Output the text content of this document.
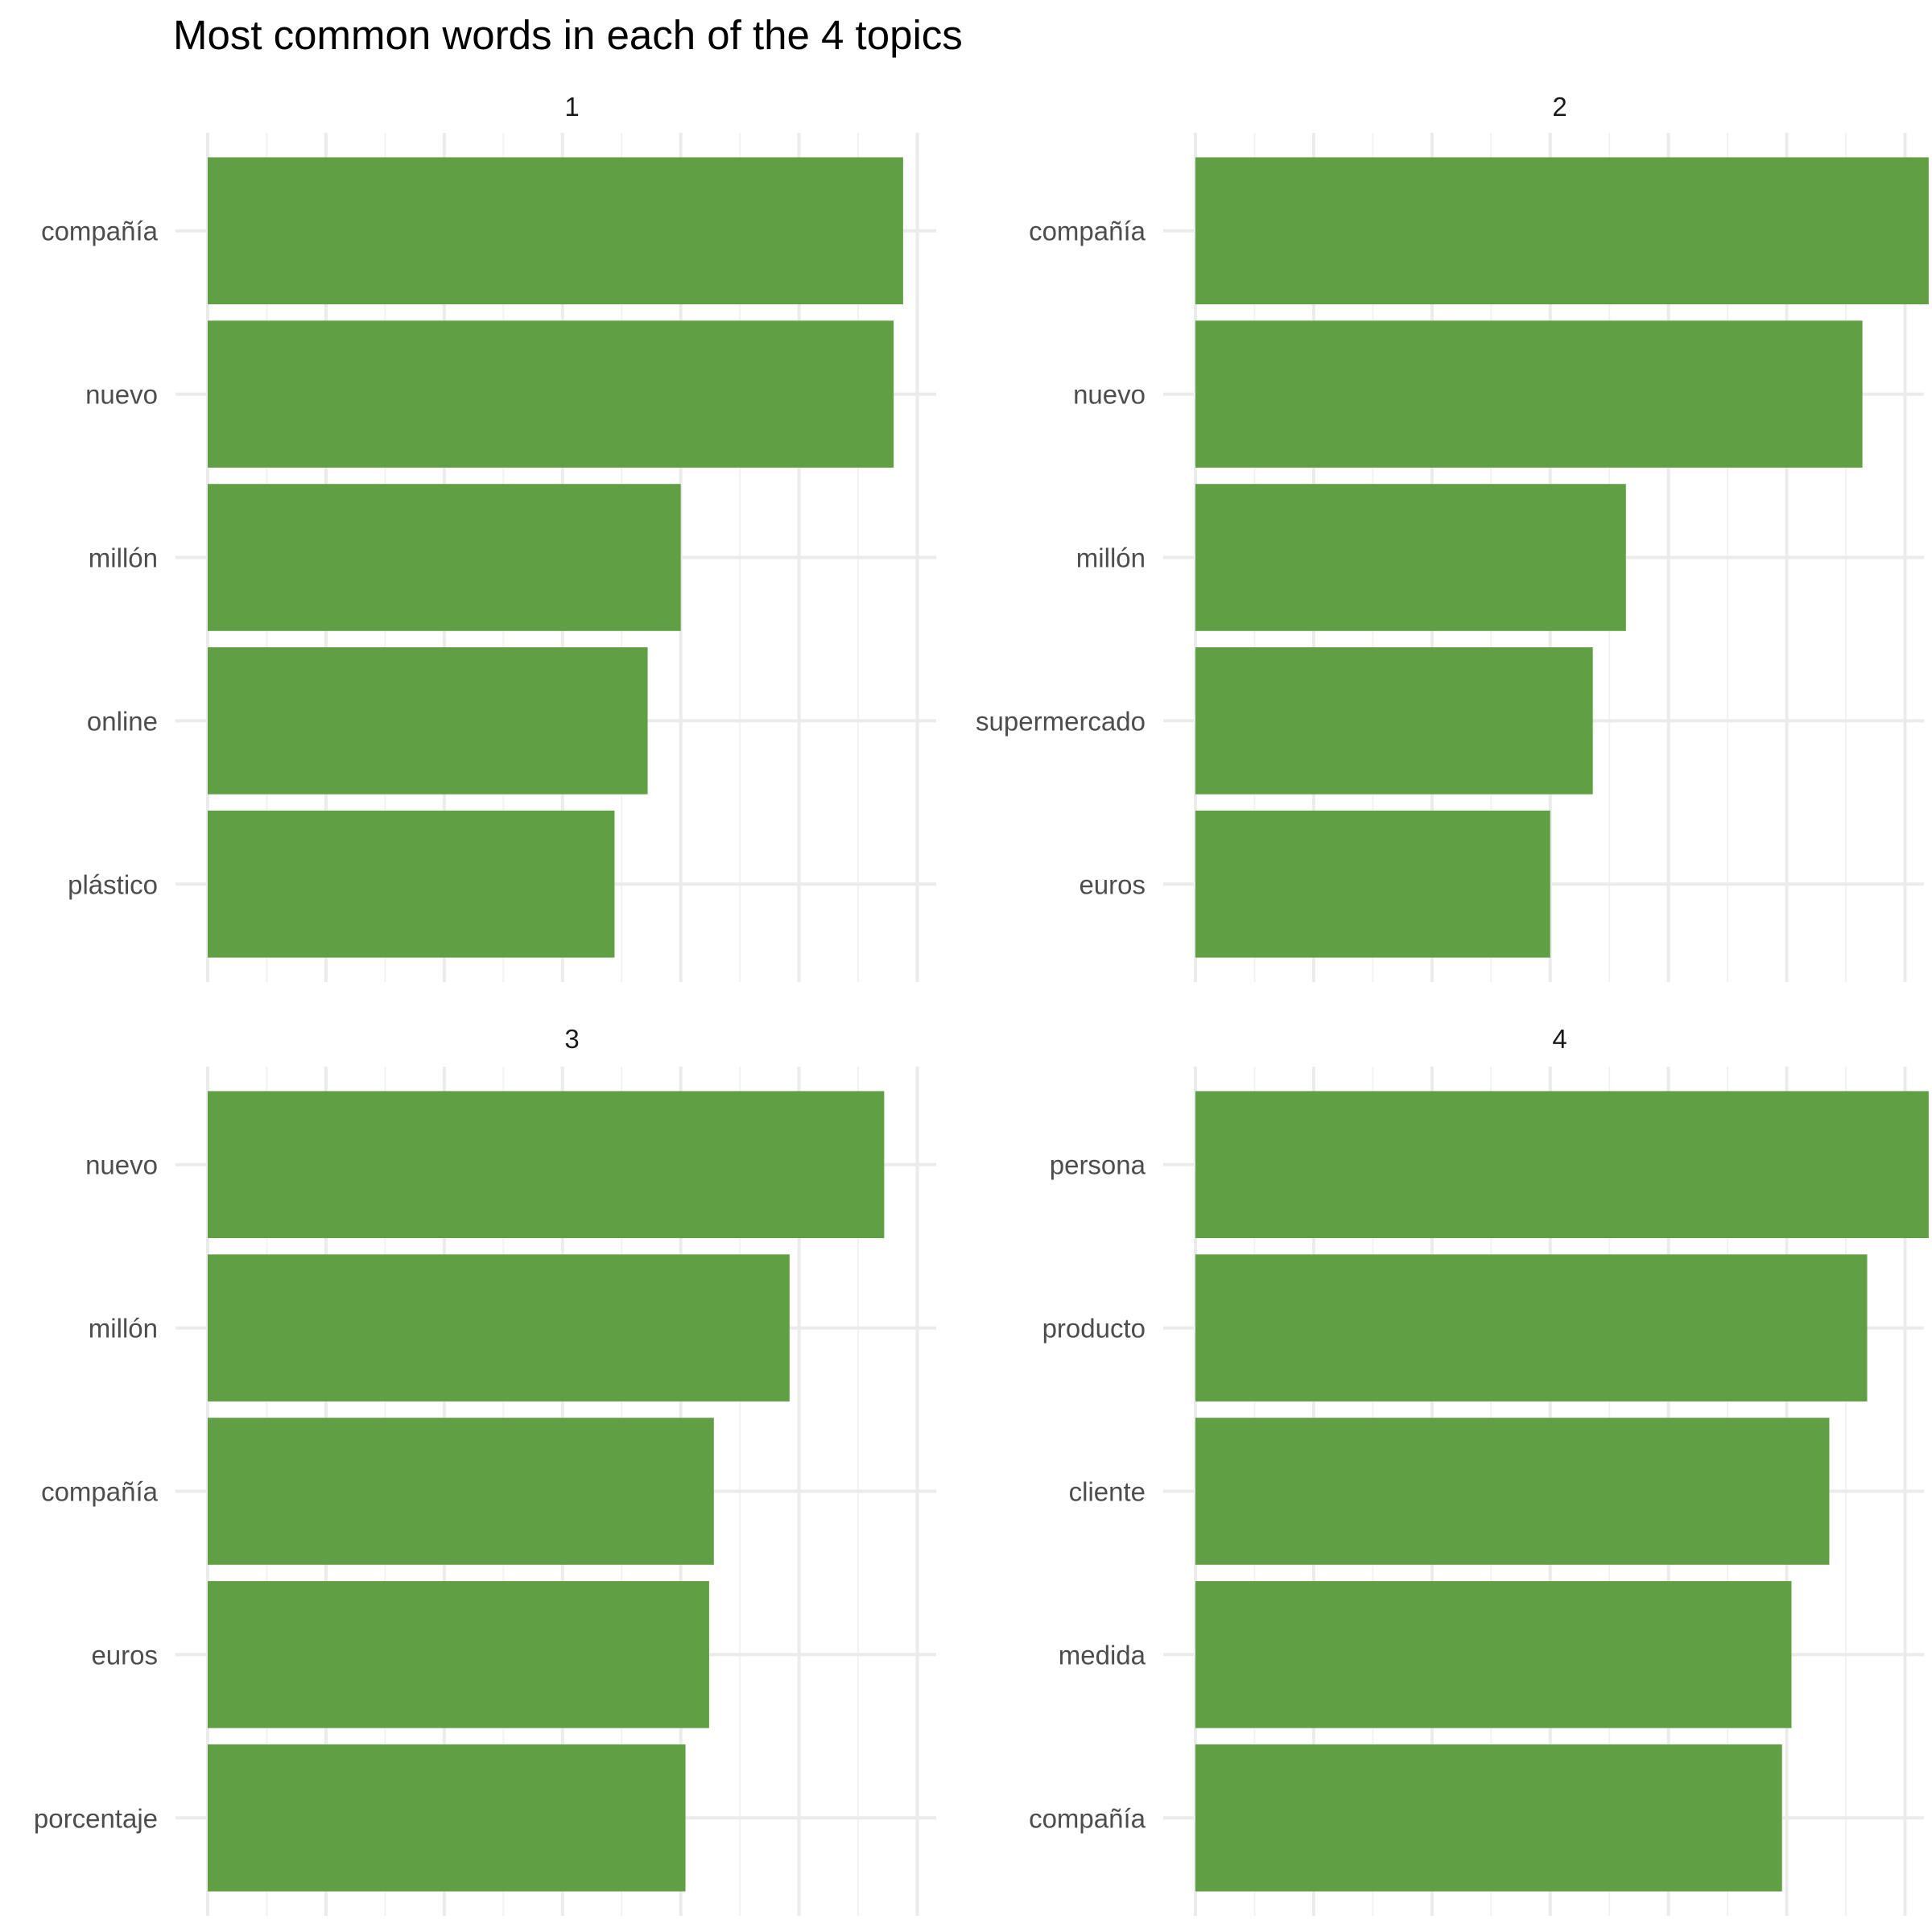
Most common words in each of the 4 topics
1
compañía
nuevo
millón
online
plástico
2
compañía
nuevo
millón
supermercado
euros
3
nuevo
millón
compañía
euros
porcentaje
4
persona
producto
cliente
medida
compañía
